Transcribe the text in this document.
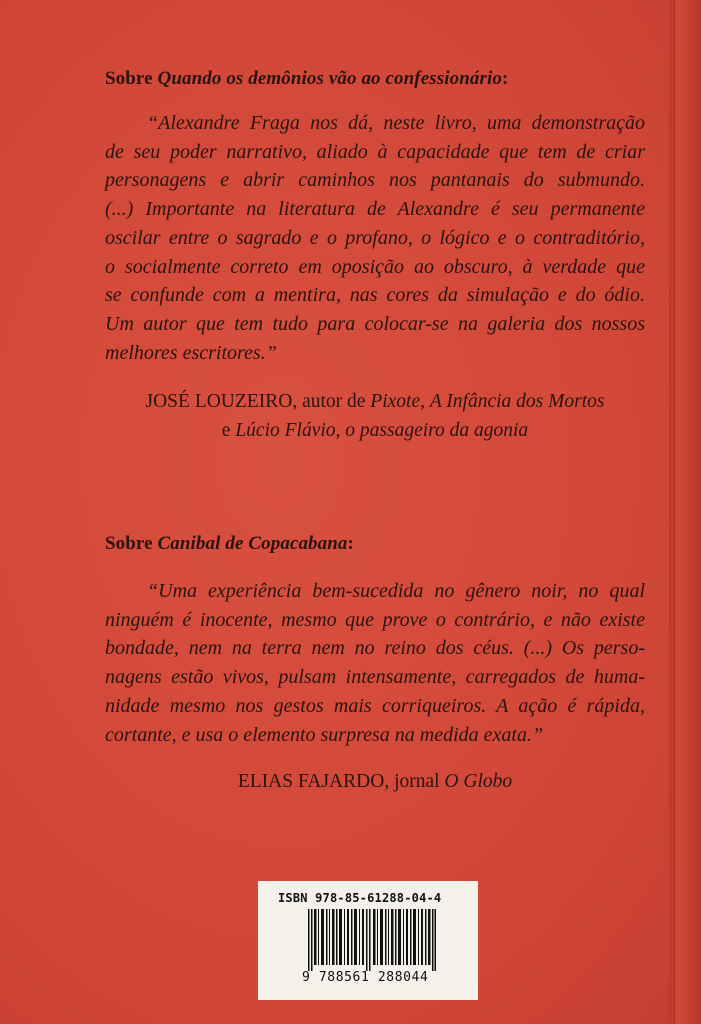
Sobre Quando os demônios vão ao confessionário:

“Alexandre Fraga nos dá, neste livro, uma demonstração
de seu poder narrativo, aliado à capacidade que tem de criar
personagens e abrir caminhos nos pantanais do submundo.
(...) Importante na literatura de Alexandre é seu permanente
oscilar entre o sagrado e o profano, o lógico e o contraditório,
o socialmente correto em oposição ao obscuro, à verdade que
se confunde com a mentira, nas cores da simulação e do ódio.
Um autor que tem tudo para colocar-se na galeria dos nossos
melhores escritores.”

JOSÉ LOUZEIRO, autor de Pixote, A Infância dos Mortos
e Lúcio Flávio, o passageiro da agonia
Sobre Canibal de Copacabana:

“Uma experiência bem-sucedida no gênero noir, no qual
ninguém é inocente, mesmo que prove o contrário, e não existe
bondade, nem na terra nem no reino dos céus. (...) Os perso-
nagens estão vivos, pulsam intensamente, carregados de huma-
nidade mesmo nos gestos mais corriqueiros. A ação é rápida,
cortante, e usa o elemento surpresa na medida exata.”

ELIAS FAJARDO, jornal O Globo
ISBN 978-85-61288-04-4
9 788561 288044
